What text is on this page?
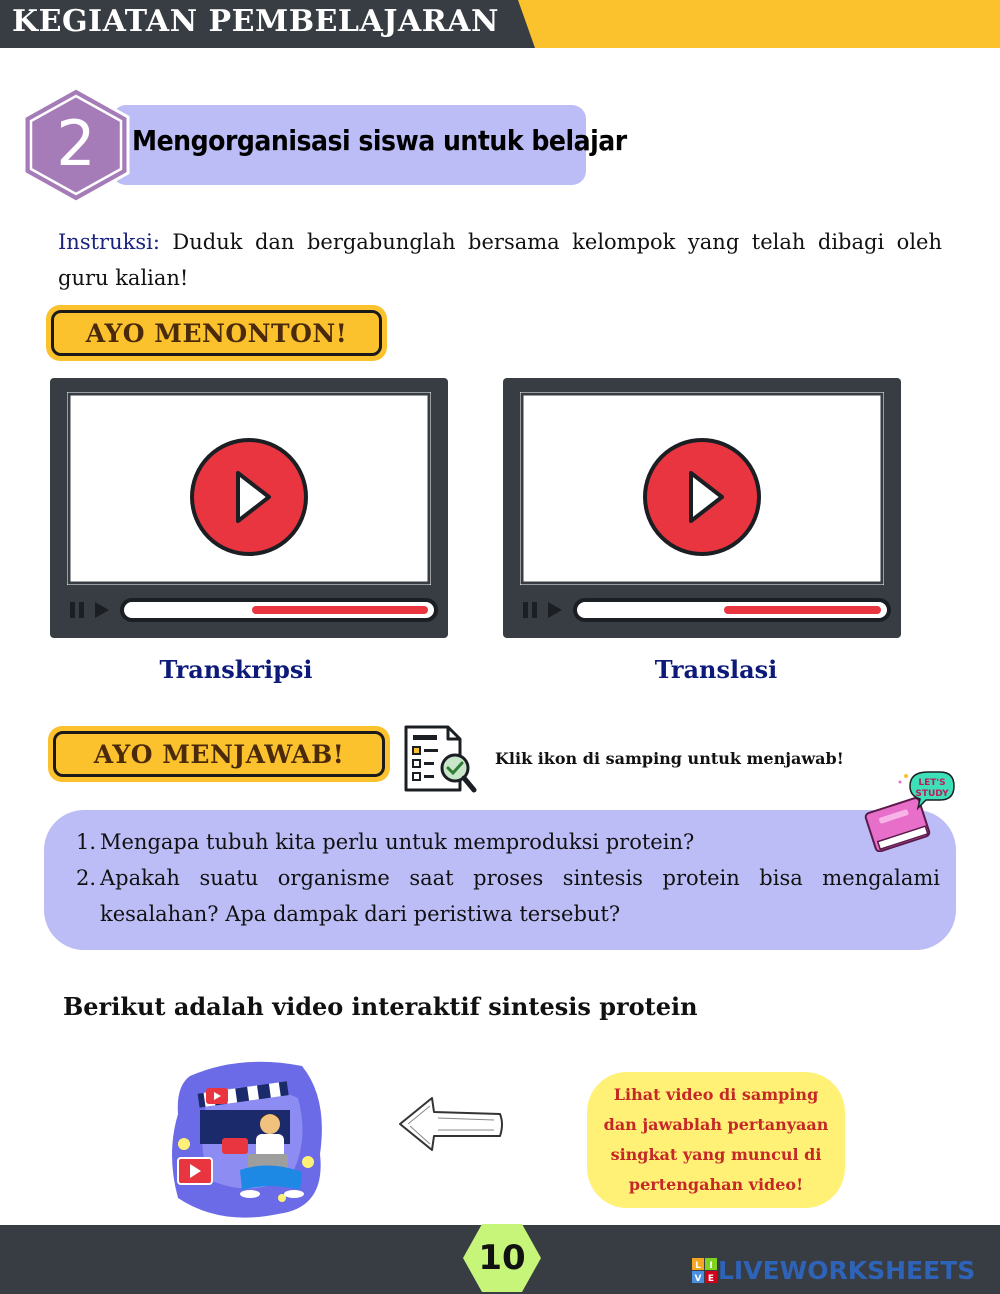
KEGIATAN PEMBELAJARAN
2	Mengorganisasi siswa untuk belajar
Instruksi: Duduk dan bergabunglah bersama kelompok yang telah dibagi oleh guru kalian!
AYO MENONTON!
Transkripsi	Translasi
AYO MENJAWAB!	Klik ikon di samping untuk menjawab!
1. Mengapa tubuh kita perlu untuk memproduksi protein?
2. Apakah suatu organisme saat proses sintesis protein bisa mengalami kesalahan? Apa dampak dari peristiwa tersebut?
LET'S
STUDY
Berikut adalah video interaktif sintesis protein
Lihat video di samping dan jawablah pertanyaan singkat yang muncul di pertengahan video!
10	L I
V E LIVEWORKSHEETS
